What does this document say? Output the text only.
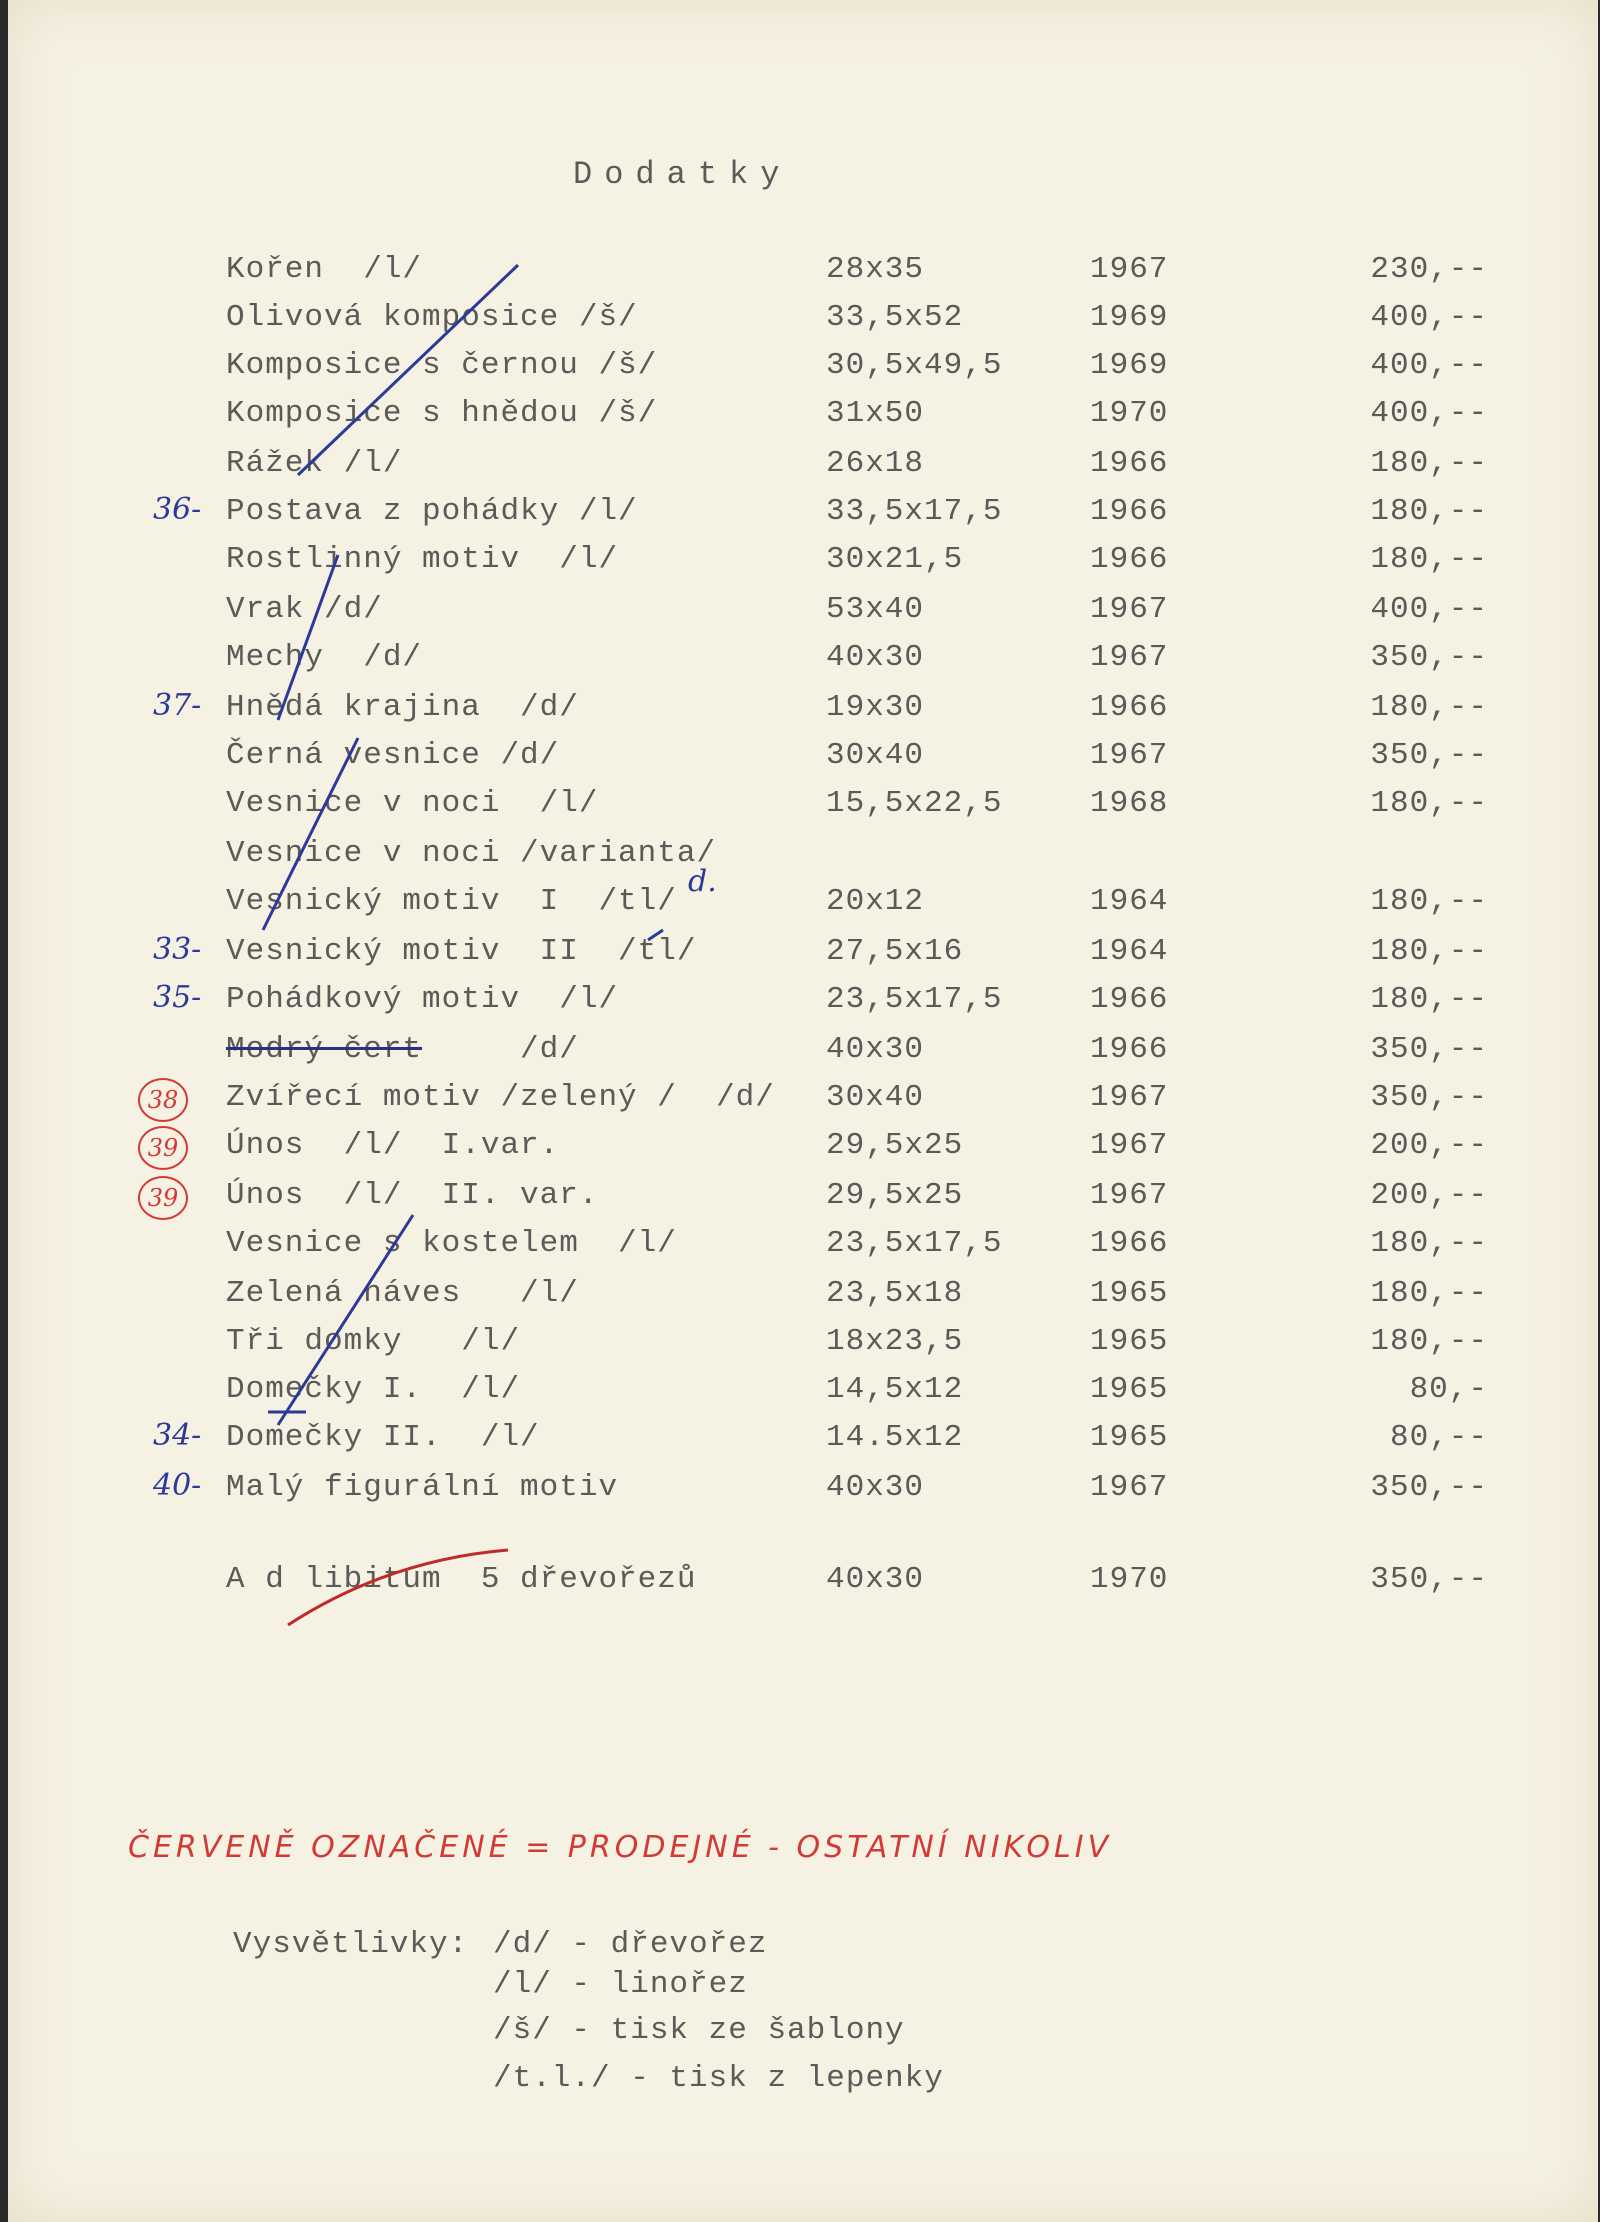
Dodatky
Kořen  /l/	28x35	1967	230,--
Olivová komposice /š/	33,5x52	1969	400,--
Komposice s černou /š/	30,5x49,5	1969	400,--
Komposice s hnědou /š/	31x50	1970	400,--
Rážek /l/	26x18	1966	180,--
Postava z pohádky /l/	33,5x17,5	1966	180,--
36-
Rostlinný motiv  /l/	30x21,5	1966	180,--
Vrak /d/	53x40	1967	400,--
Mechy  /d/	40x30	1967	350,--
Hnědá krajina  /d/	19x30	1966	180,--
37-
Černá vesnice /d/	30x40	1967	350,--
Vesnice v noci  /l/	15,5x22,5	1968	180,--
Vesnice v noci /varianta/
Vesnický motiv  I  /tl/	20x12	1964	180,--
d.
Vesnický motiv  II  /tl/	27,5x16	1964	180,--
33-
Pohádkový motiv  /l/	23,5x17,5	1966	180,--
35-
Modrý čert     /d/	40x30	1966	350,--
Zvířecí motiv /zelený /  /d/ 30x40	1967	350,--
38
Únos  /l/  I.var.	29,5x25	1967	200,--
39
Únos  /l/  II. var.	29,5x25	1967	200,--
39
Vesnice s kostelem  /l/	23,5x17,5	1966	180,--
Zelená náves   /l/	23,5x18	1965	180,--
Tři domky   /l/	18x23,5	1965	180,--
Domečky I.  /l/	14,5x12	1965	80,-
Domečky II.  /l/	14.5x12	1965	80,--
34-
Malý figurální motiv	40x30	1967	350,--
40-
A d libitum  5 dřevořezů	40x30	1970	350,--
ČERVENĚ OZNAČENÉ = PRODEJNÉ - OSTATNÍ NIKOLIV
Vysvětlivky: /d/ - dřevořez
/l/ - linořez
/š/ - tisk ze šablony
/t.l./ - tisk z lepenky
